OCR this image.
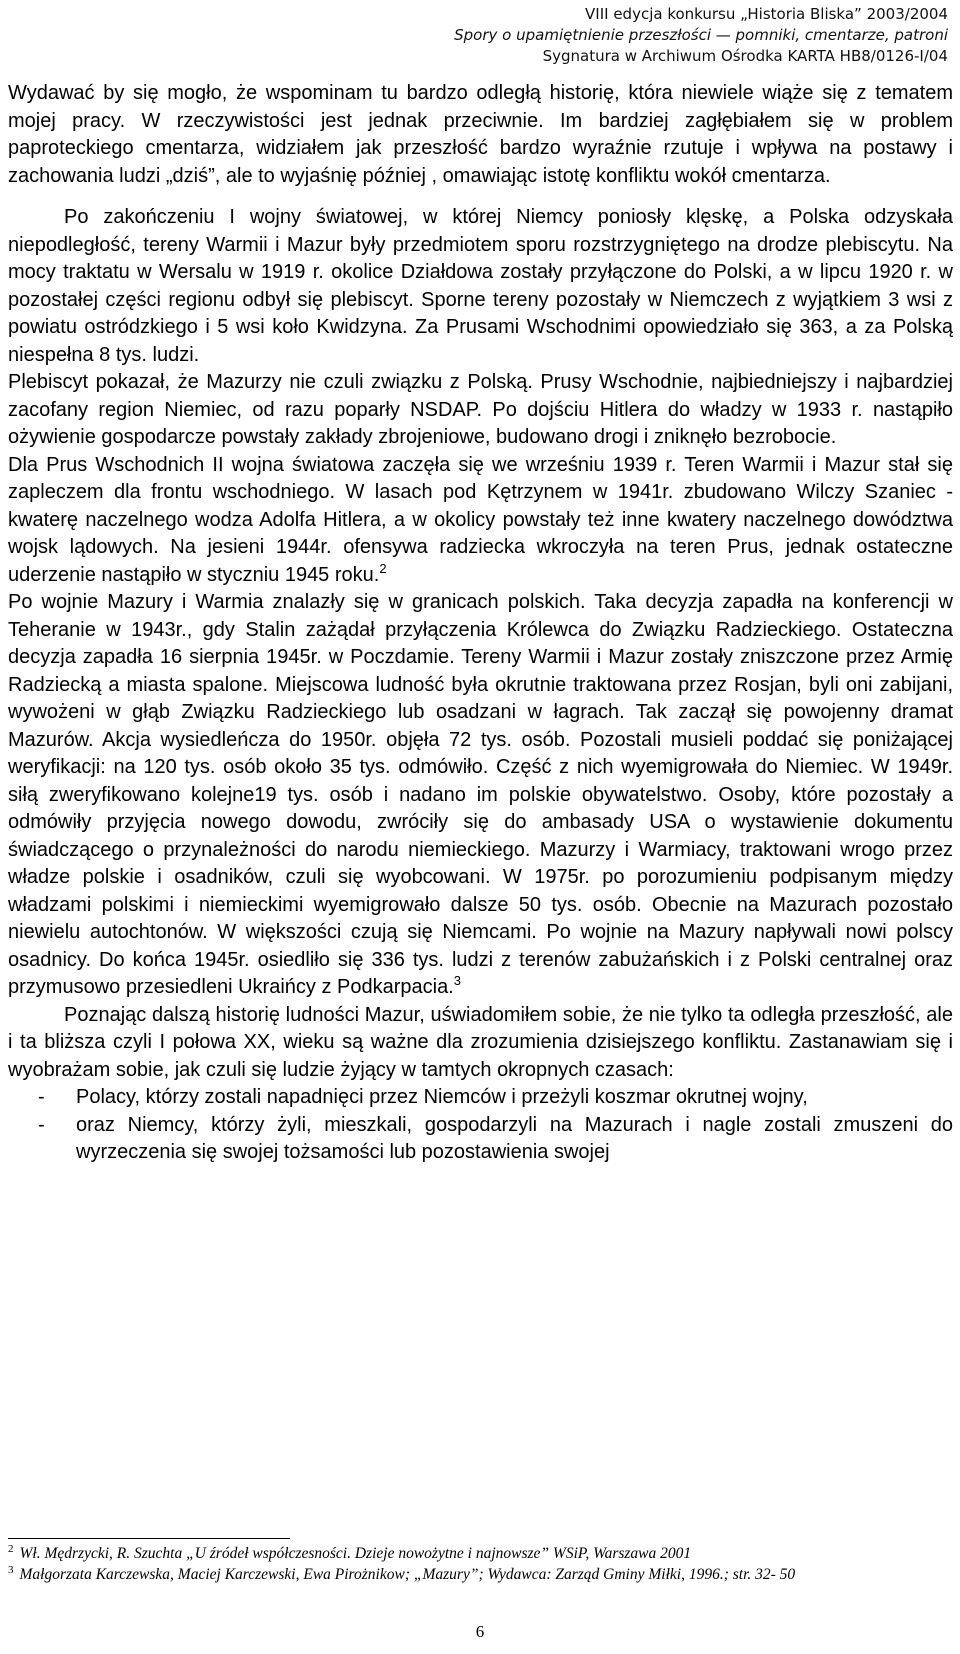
VIII edycja konkursu „Historia Bliska” 2003/2004
Spory o upamiętnienie przeszłości — pomniki, cmentarze, patroni
Sygnatura w Archiwum Ośrodka KARTA HB8/0126-I/04

Wydawać by się mogło, że wspominam tu bardzo odległą historię, która niewiele wiąże się z tematem mojej pracy. W rzeczywistości jest jednak przeciwnie. Im bardziej zagłębiałem się w problem paproteckiego cmentarza, widziałem jak przeszłość bardzo wyraźnie rzutuje i wpływa na postawy i zachowania ludzi „dziś”, ale to wyjaśnię później , omawiając istotę konfliktu wokół cmentarza.

Po zakończeniu I wojny światowej, w której Niemcy poniosły klęskę, a Polska odzyskała niepodległość, tereny Warmii i Mazur były przedmiotem sporu rozstrzygniętego na drodze plebiscytu. Na mocy traktatu w Wersalu w 1919 r. okolice Działdowa zostały przyłączone do Polski, a w lipcu 1920 r. w pozostałej części regionu odbył się plebiscyt. Sporne tereny pozostały w Niemczech z wyjątkiem 3 wsi z powiatu ostródzkiego i 5 wsi koło Kwidzyna. Za Prusami Wschodnimi opowiedziało się 363, a za Polską niespełna 8 tys. ludzi.

Plebiscyt pokazał, że Mazurzy nie czuli związku z Polską. Prusy Wschodnie, najbiedniejszy i najbardziej zacofany region Niemiec, od razu poparły NSDAP. Po dojściu Hitlera do władzy w 1933 r. nastąpiło ożywienie gospodarcze powstały zakłady zbrojeniowe, budowano drogi i zniknęło bezrobocie.

Dla Prus Wschodnich II wojna światowa zaczęła się we wrześniu 1939 r. Teren Warmii i Mazur stał się zapleczem dla frontu wschodniego. W lasach pod Kętrzynem w 1941r. zbudowano Wilczy Szaniec - kwaterę naczelnego wodza Adolfa Hitlera, a w okolicy powstały też inne kwatery naczelnego dowództwa wojsk lądowych. Na jesieni 1944r. ofensywa radziecka wkroczyła na teren Prus, jednak ostateczne uderzenie nastąpiło w styczniu 1945 roku.$^2$

Po wojnie Mazury i Warmia znalazły się w granicach polskich. Taka decyzja zapadła na konferencji w Teheranie w 1943r., gdy Stalin zażądał przyłączenia Królewca do Związku Radzieckiego. Ostateczna decyzja zapadła 16 sierpnia 1945r. w Poczdamie. Tereny Warmii i Mazur zostały zniszczone przez Armię Radziecką a miasta spalone. Miejscowa ludność była okrutnie traktowana przez Rosjan, byli oni zabijani, wywożeni w głąb Związku Radzieckiego lub osadzani w łagrach. Tak zaczął się powojenny dramat Mazurów. Akcja wysiedleńcza do 1950r. objęła 72 tys. osób. Pozostali musieli poddać się poniżającej weryfikacji: na 120 tys. osób około 35 tys. odmówiło. Część z nich wyemigrowała do Niemiec. W 1949r. siłą zweryfikowano kolejne19 tys. osób i nadano im polskie obywatelstwo. Osoby, które pozostały a odmówiły przyjęcia nowego dowodu, zwróciły się do ambasady USA o wystawienie dokumentu świadczącego o przynależności do narodu niemieckiego. Mazurzy i Warmiacy, traktowani wrogo przez władze polskie i osadników, czuli się wyobcowani. W 1975r. po porozumieniu podpisanym między władzami polskimi i niemieckimi wyemigrowało dalsze 50 tys. osób. Obecnie na Mazurach pozostało niewielu autochtonów. W większości czują się Niemcami. Po wojnie na Mazury napływali nowi polscy osadnicy. Do końca 1945r. osiedliło się 336 tys. ludzi z terenów zabużańskich i z Polski centralnej oraz przymusowo przesiedleni Ukraińcy z Podkarpacia.$^3$

Poznając dalszą historię ludności Mazur, uświadomiłem sobie, że nie tylko ta odległa przeszłość, ale i ta bliższa czyli I połowa XX, wieku są ważne dla zrozumienia dzisiejszego konfliktu. Zastanawiam się i wyobrażam sobie, jak czuli się ludzie żyjący w tamtych okropnych czasach:

- Polacy, którzy zostali napadnięci przez Niemców i przeżyli koszmar okrutnej wojny,
- oraz Niemcy, którzy żyli, mieszkali, gospodarzyli na Mazurach i nagle zostali zmuszeni do wyrzeczenia się swojej tożsamości lub pozostawienia swojej

$^2$ Wł. Mędrzycki, R. Szuchta „U źródeł współczesności. Dzieje nowożytne i najnowsze” WSiP, Warszawa 2001

$^3$ Małgorzata Karczewska, Maciej Karczewski, Ewa Pirożnikow; „Mazury”; Wydawca: Zarząd Gminy Miłki, 1996.; str. 32- 50

6
